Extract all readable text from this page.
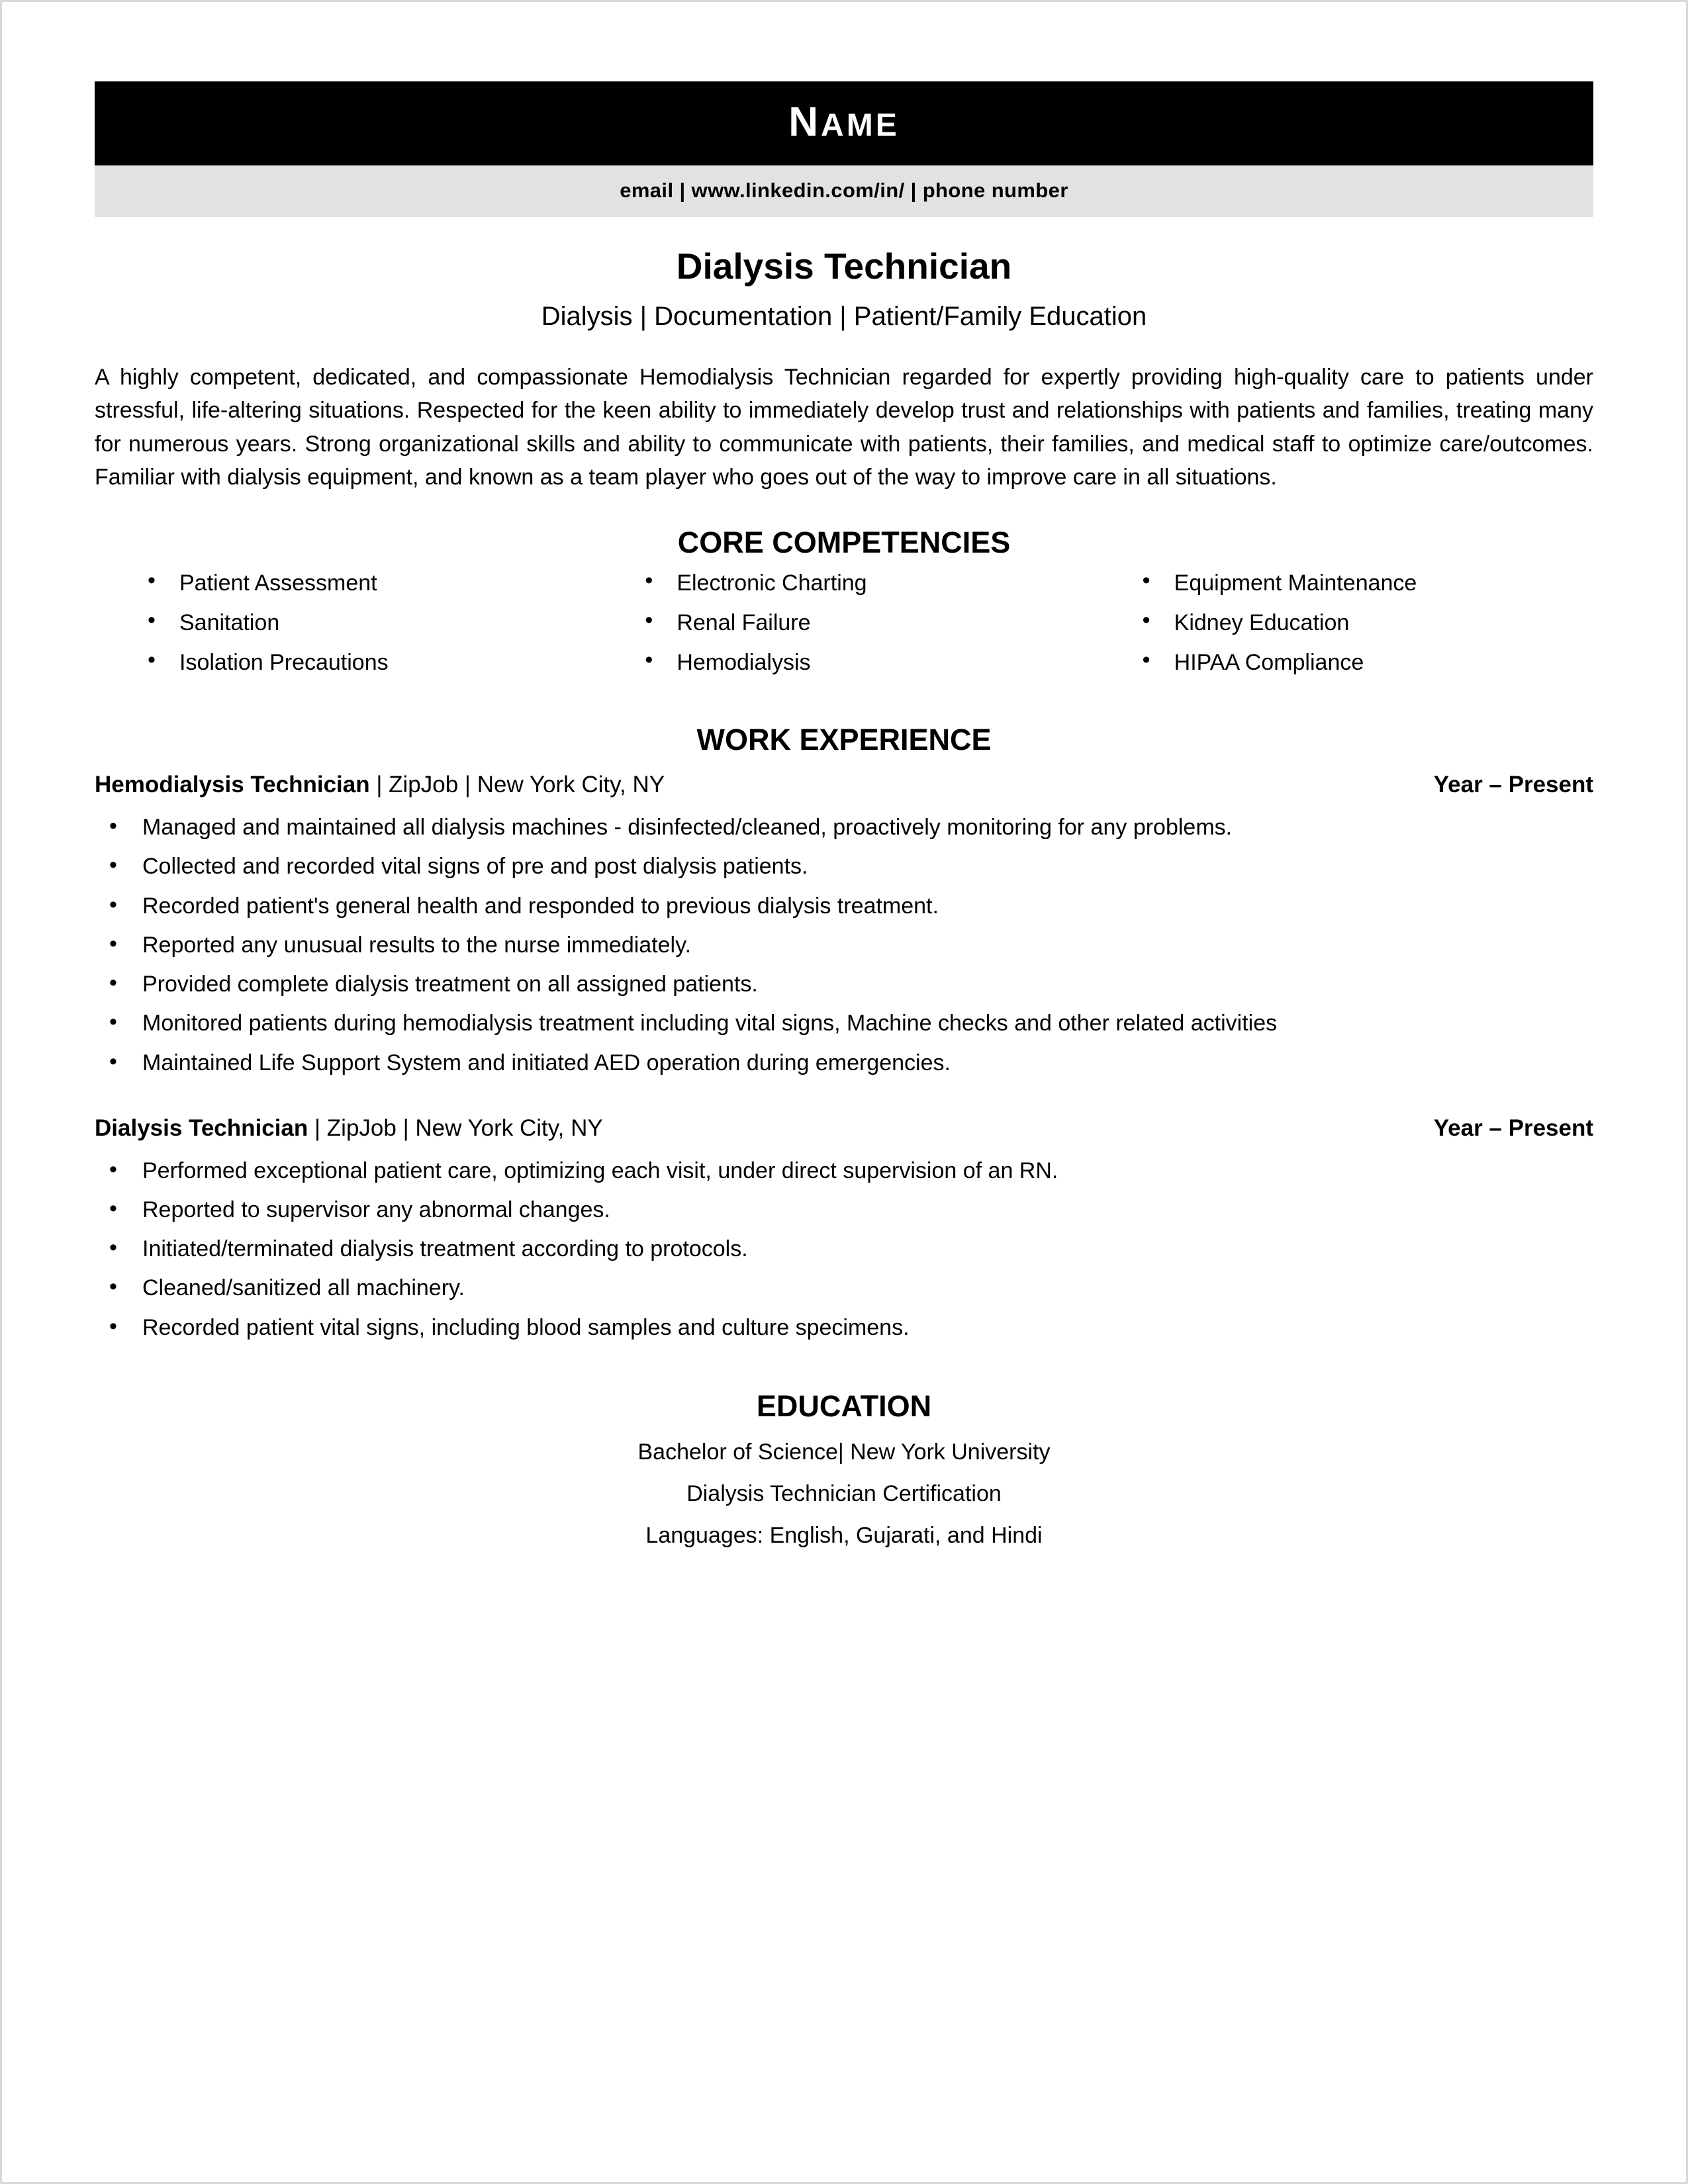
NAME
email | www.linkedin.com/in/ | phone number
Dialysis Technician
Dialysis | Documentation | Patient/Family Education
A highly competent, dedicated, and compassionate Hemodialysis Technician regarded for expertly providing high-quality care to patients under stressful, life-altering situations. Respected for the keen ability to immediately develop trust and relationships with patients and families, treating many for numerous years. Strong organizational skills and ability to communicate with patients, their families, and medical staff to optimize care/outcomes. Familiar with dialysis equipment, and known as a team player who goes out of the way to improve care in all situations.
CORE COMPETENCIES
• Patient Assessment
• Sanitation
• Isolation Precautions
• Electronic Charting
• Renal Failure
• Hemodialysis
• Equipment Maintenance
• Kidney Education
• HIPAA Compliance
WORK EXPERIENCE
Hemodialysis Technician | ZipJob | New York City, NY	Year – Present
• Managed and maintained all dialysis machines - disinfected/cleaned, proactively monitoring for any problems.
• Collected and recorded vital signs of pre and post dialysis patients.
• Recorded patient's general health and responded to previous dialysis treatment.
• Reported any unusual results to the nurse immediately.
• Provided complete dialysis treatment on all assigned patients.
• Monitored patients during hemodialysis treatment including vital signs, Machine checks and other related activities
• Maintained Life Support System and initiated AED operation during emergencies.
Dialysis Technician | ZipJob | New York City, NY	Year – Present
• Performed exceptional patient care, optimizing each visit, under direct supervision of an RN.
• Reported to supervisor any abnormal changes.
• Initiated/terminated dialysis treatment according to protocols.
• Cleaned/sanitized all machinery.
• Recorded patient vital signs, including blood samples and culture specimens.
EDUCATION
Bachelor of Science| New York University
Dialysis Technician Certification
Languages: English, Gujarati, and Hindi
